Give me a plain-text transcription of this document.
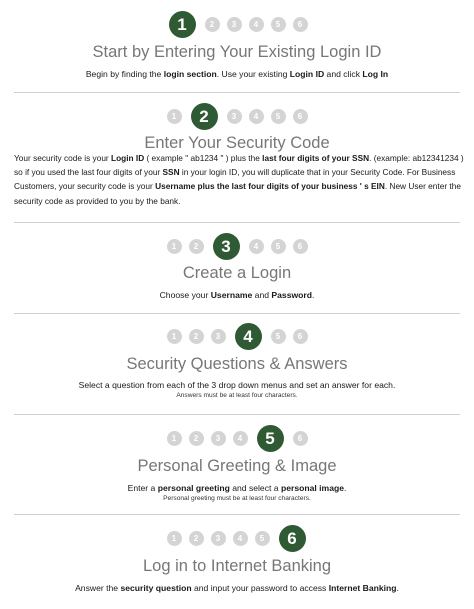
1	2	3	4	5	6
Start by Entering Your Existing Login ID
Begin by finding the login section. Use your existing Login ID and click Log In
1	2	3	4	5	6
Enter Your Security Code
Your security code is your Login ID ( example " ab1234 " ) plus the last four digits of your SSN. (example: ab12341234 ) so if you used the last four digits of your SSN in your login ID, you will duplicate that in your Security Code. For Business Customers, your security code is your Username plus the last four digits of your business ' s EIN. New User enter the security code as provided to you by the bank.
1	2	3	4	5	6
Create a Login
Choose your Username and Password.
1	2	3	4	5	6
Security Questions & Answers
Select a question from each of the 3 drop down menus and set an answer for each.
Answers must be at least four characters.
1	2	3	4	5	6
Personal Greeting & Image
Enter a personal greeting and select a personal image.
Personal greeting must be at least four characters.
1	2	3	4	5	6
Log in to Internet Banking
Answer the security question and input your password to access Internet Banking.
